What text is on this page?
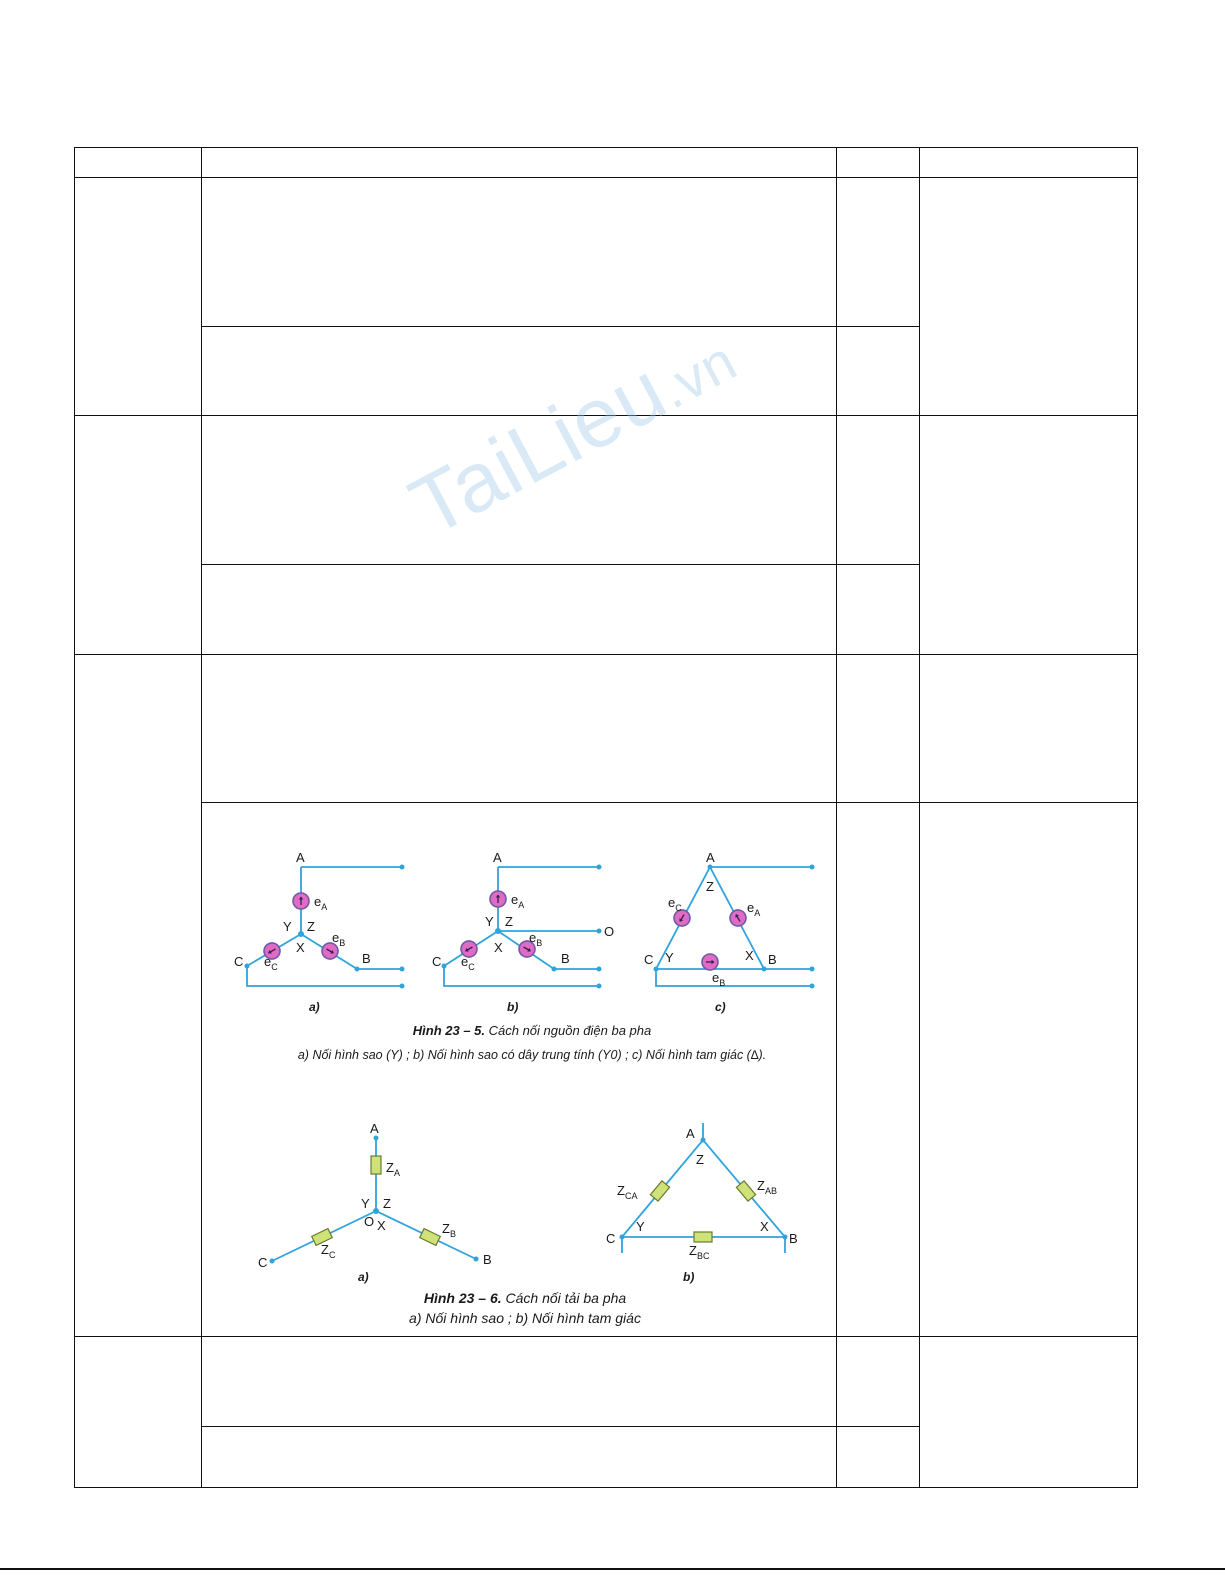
TaiLieu.vn
A
$e_A$
Y Z
X
$e_B$
C $e_C$
B
a)
A
$e_A$
Y Z
X
$e_B$
O
C $e_C$
B
b)
A
Z
$e_C$	$e_A$
C Y	X B
$e_B$
c)
Hình 23 – 5. Cách nối nguồn điện ba pha
a) Nối hình sao (Y) ; b) Nối hình sao có dây trung tính (Y0) ; c) Nối hình tam giác (∆).
A
$Z_A$
Y Z
O X	$Z_B$
$Z_C$
C	B
a)
A
Z
$Z_{CA}$
$Z_{AB}$
Y	X
C	B
$Z_{BC}$
b)
Hình 23 – 6. Cách nối tải ba pha
a) Nối hình sao ; b) Nối hình tam giác
